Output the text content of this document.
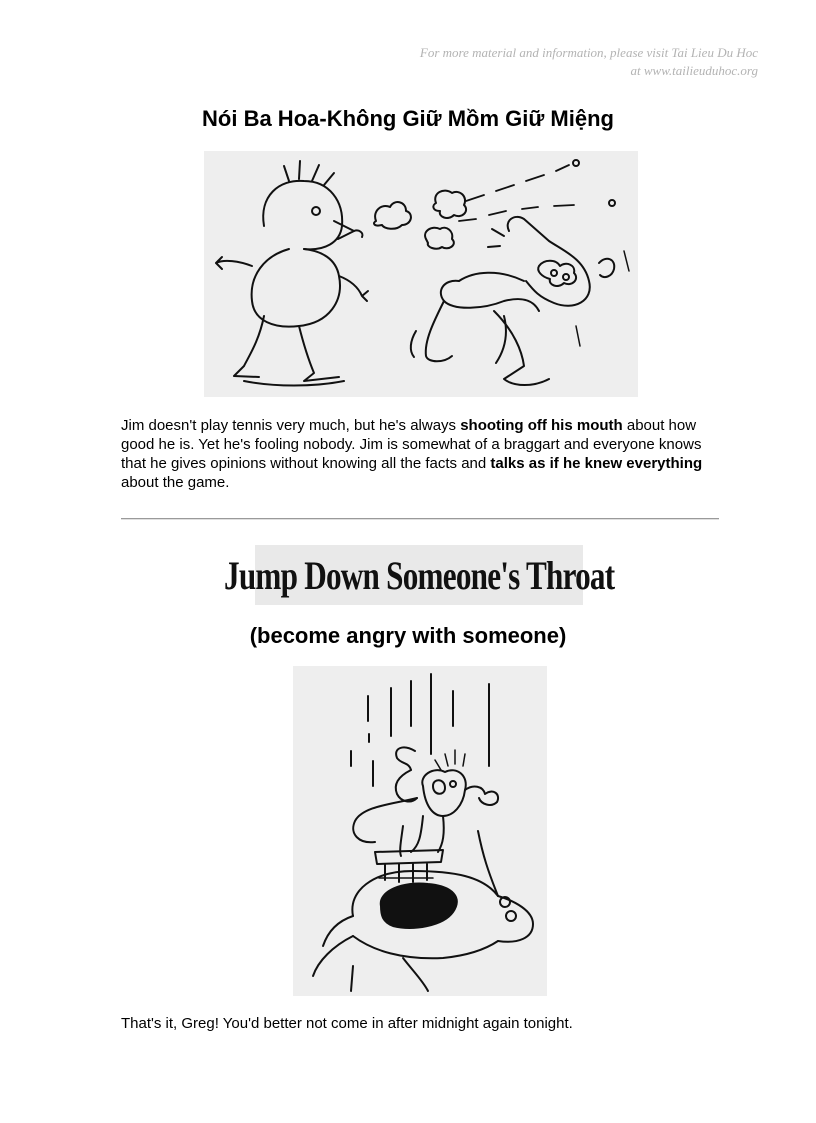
For more material and information, please visit Tai Lieu Du Hoc
at www.tailieuduhoc.org
Nói Ba Hoa-Không Giữ Mồm Giữ Miệng
Jim doesn't play tennis very much, but he's always shooting off his mouth about how good he is. Yet he's fooling nobody. Jim is somewhat of a braggart and everyone knows that he gives opinions without knowing all the facts and talks as if he knew everything about the game.
Jump Down Someone's Throat
(become angry with someone)
That's it, Greg! You'd better not come in after midnight again tonight.
